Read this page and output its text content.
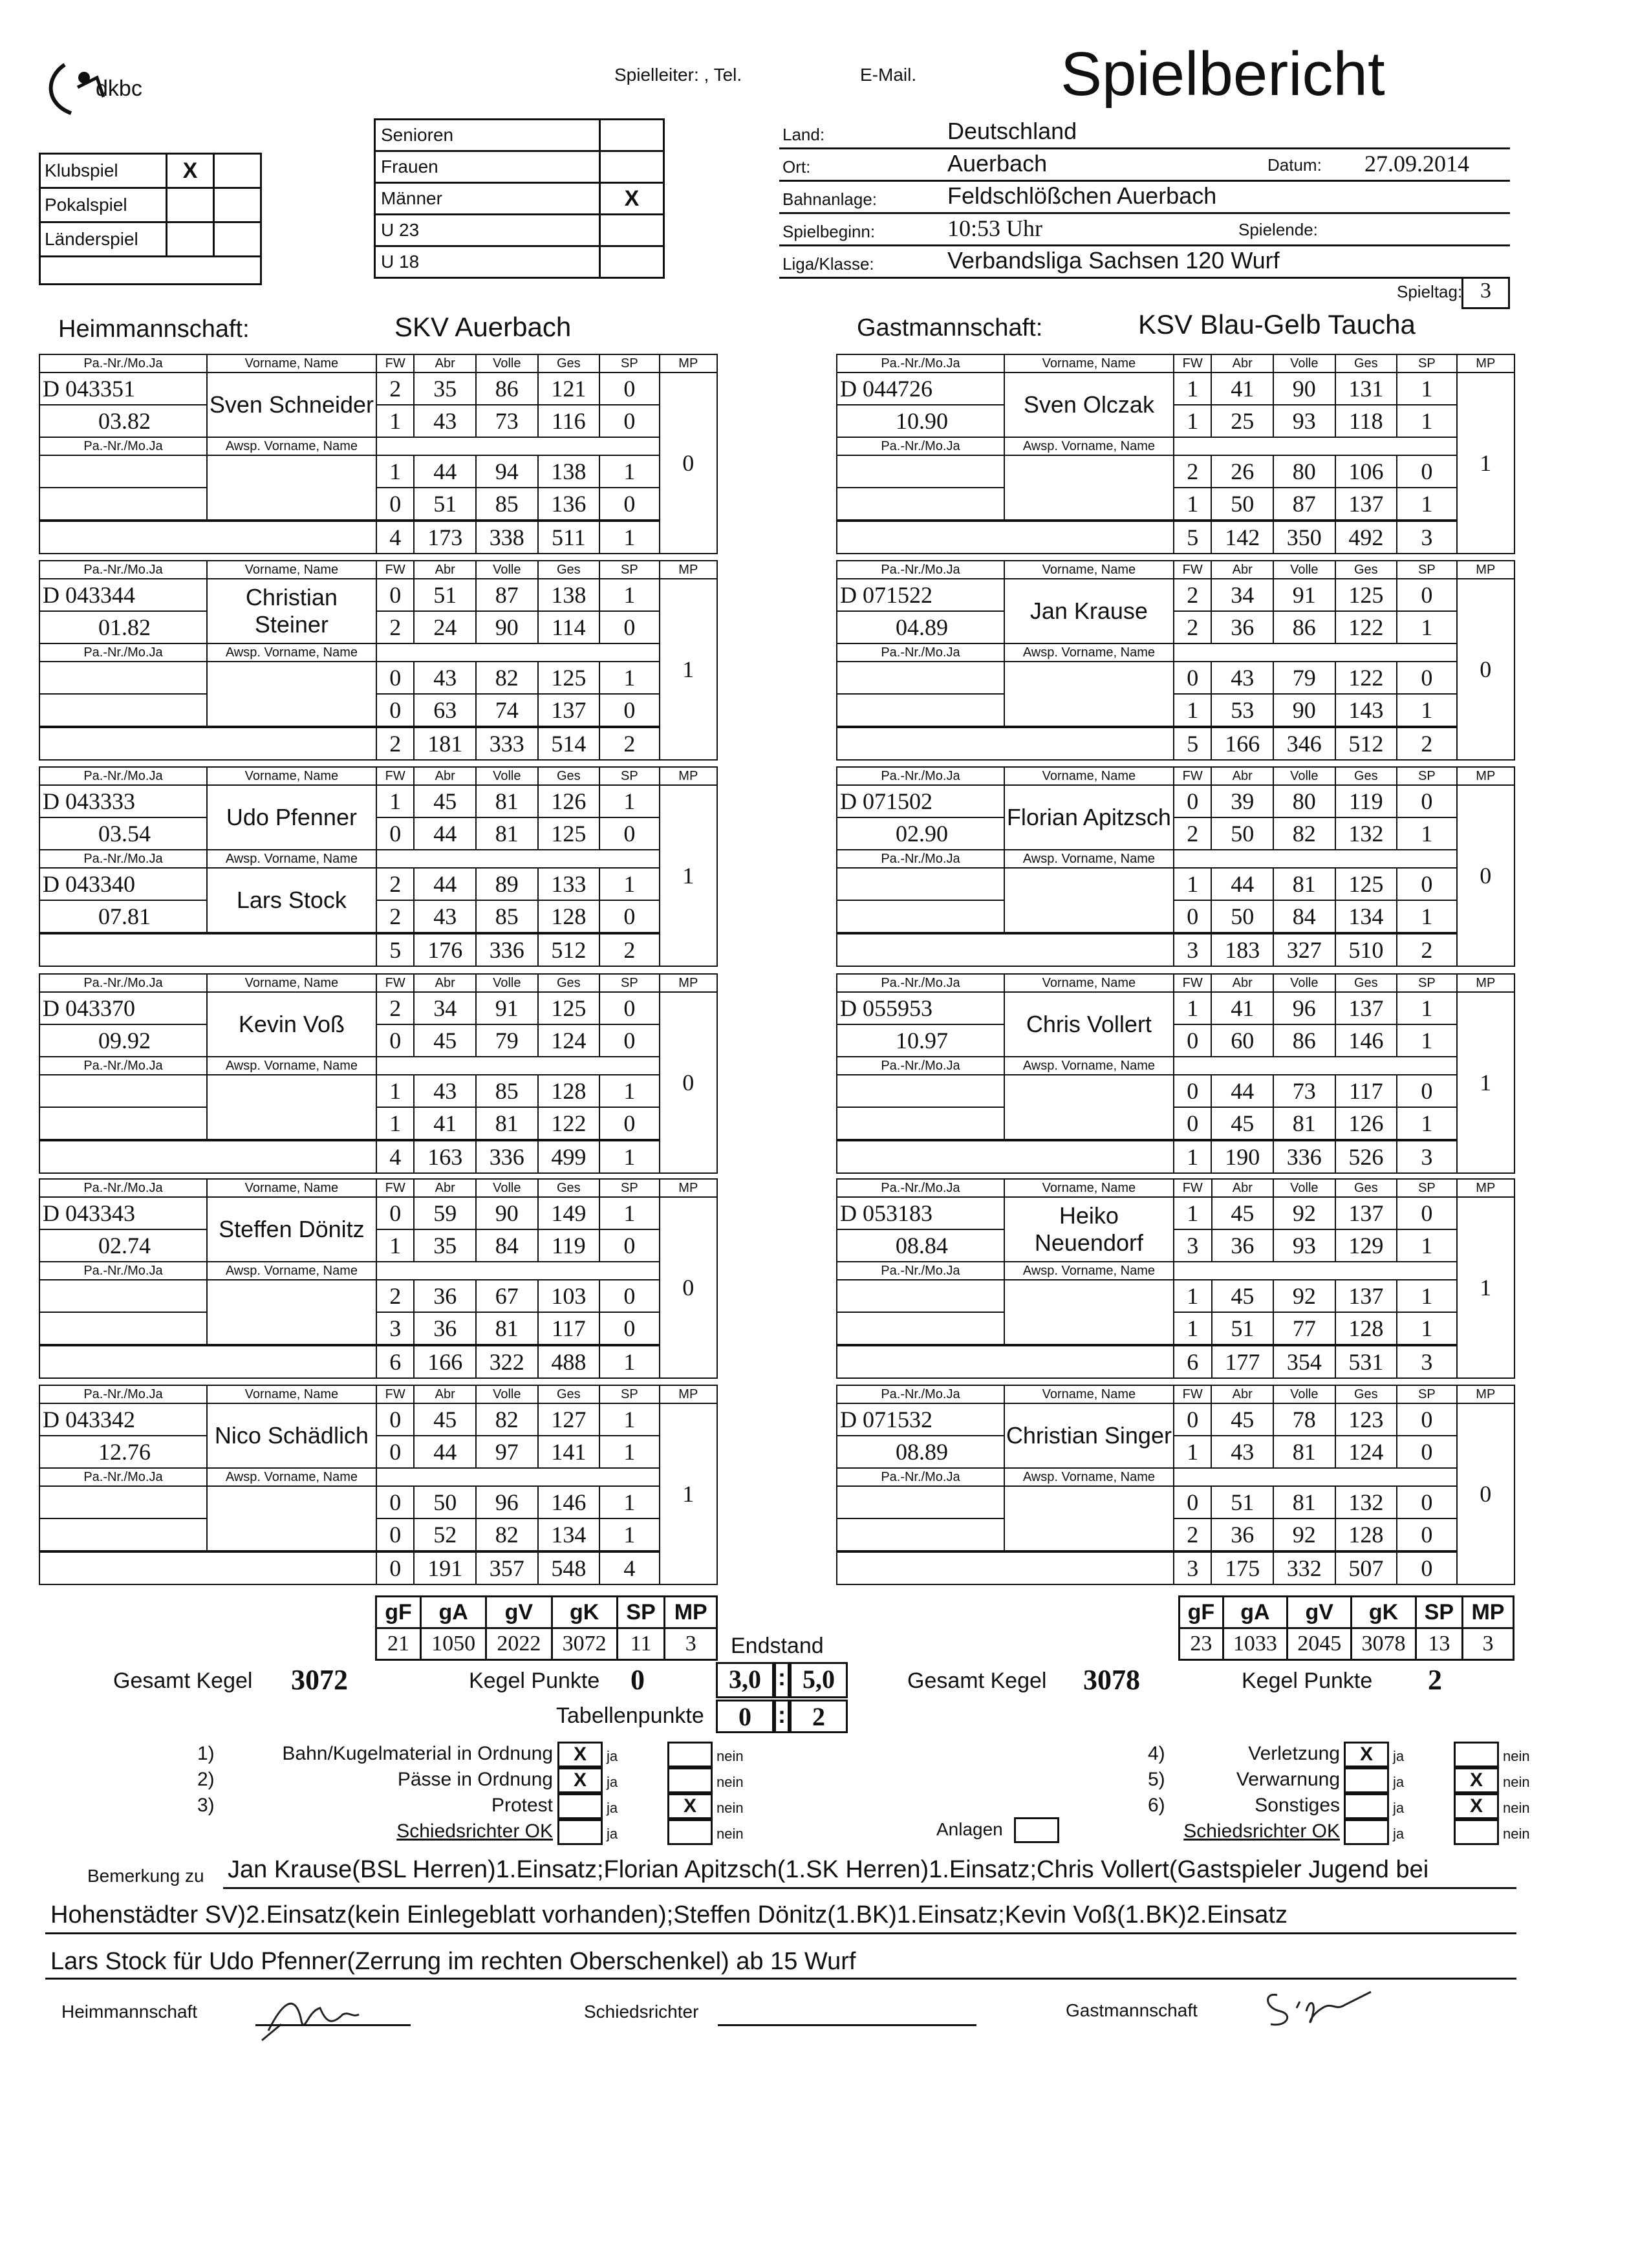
dkbc
Spielleiter: , Tel.	E-Mail. Spielbericht
Klubspiel	X	
Pokalspiel		
Länderspiel		

Senioren	
Frauen	
Männer	X
U 23	
U 18	
Land:	Deutschland
Ort:	Auerbach	Datum: 27.09.2014
Bahnanlage:	Feldschlößchen Auerbach
Spielbeginn:	10:53 Uhr	Spielende:
Liga/Klasse:	Verbandsliga Sachsen 120 Wurf
Spieltag: 3
Heimmannschaft:	SKV Auerbach	Gastmannschaft:	KSV Blau-Gelb Taucha
Pa.-Nr./Mo.Ja	Vorname, Name	FW	Abr	Volle	Ges	SP	MP
D 043351	Sven Schneider	2	35	86	121	0	0
03.82		1	43	73	116	0	
Pa.-Nr./Mo.Ja	Awsp. Vorname, Name						
		1	44	94	138	1	
		0	51	85	136	0	
		4	173	338	511	1	
Pa.-Nr./Mo.Ja	Vorname, Name	FW	Abr	Volle	Ges	SP	MP
D 043344	Christian Steiner	0	51	87	138	1	1
01.82		2	24	90	114	0	
Pa.-Nr./Mo.Ja	Awsp. Vorname, Name						
		0	43	82	125	1	
		0	63	74	137	0	
		2	181	333	514	2	
Pa.-Nr./Mo.Ja	Vorname, Name	FW	Abr	Volle	Ges	SP	MP
D 043333	Udo Pfenner	1	45	81	126	1	1
03.54		0	44	81	125	0	
Pa.-Nr./Mo.Ja	Awsp. Vorname, Name						
D 043340	Lars Stock	2	44	89	133	1	
07.81		2	43	85	128	0	
		5	176	336	512	2	
Pa.-Nr./Mo.Ja	Vorname, Name	FW	Abr	Volle	Ges	SP	MP
D 043370	Kevin Voß	2	34	91	125	0	0
09.92		0	45	79	124	0	
Pa.-Nr./Mo.Ja	Awsp. Vorname, Name						
		1	43	85	128	1	
		1	41	81	122	0	
		4	163	336	499	1	
Pa.-Nr./Mo.Ja	Vorname, Name	FW	Abr	Volle	Ges	SP	MP
D 043343	Steffen Dönitz	0	59	90	149	1	0
02.74		1	35	84	119	0	
Pa.-Nr./Mo.Ja	Awsp. Vorname, Name						
		2	36	67	103	0	
		3	36	81	117	0	
		6	166	322	488	1	
Pa.-Nr./Mo.Ja	Vorname, Name	FW	Abr	Volle	Ges	SP	MP
D 043342	Nico Schädlich	0	45	82	127	1	1
12.76		0	44	97	141	1	
Pa.-Nr./Mo.Ja	Awsp. Vorname, Name						
		0	50	96	146	1	
		0	52	82	134	1	
		0	191	357	548	4	
Pa.-Nr./Mo.Ja	Vorname, Name	FW	Abr	Volle	Ges	SP	MP
D 044726	Sven Olczak	1	41	90	131	1	1
10.90		1	25	93	118	1	
Pa.-Nr./Mo.Ja	Awsp. Vorname, Name						
		2	26	80	106	0	
		1	50	87	137	1	
		5	142	350	492	3	
Pa.-Nr./Mo.Ja	Vorname, Name	FW	Abr	Volle	Ges	SP	MP
D 071522	Jan Krause	2	34	91	125	0	0
04.89		2	36	86	122	1	
Pa.-Nr./Mo.Ja	Awsp. Vorname, Name						
		0	43	79	122	0	
		1	53	90	143	1	
		5	166	346	512	2	
Pa.-Nr./Mo.Ja	Vorname, Name	FW	Abr	Volle	Ges	SP	MP
D 071502	Florian Apitzsch	0	39	80	119	0	0
02.90		2	50	82	132	1	
Pa.-Nr./Mo.Ja	Awsp. Vorname, Name						
		1	44	81	125	0	
		0	50	84	134	1	
		3	183	327	510	2	
Pa.-Nr./Mo.Ja	Vorname, Name	FW	Abr	Volle	Ges	SP	MP
D 055953	Chris Vollert	1	41	96	137	1	1
10.97		0	60	86	146	1	
Pa.-Nr./Mo.Ja	Awsp. Vorname, Name						
		0	44	73	117	0	
		0	45	81	126	1	
		1	190	336	526	3	
Pa.-Nr./Mo.Ja	Vorname, Name	FW	Abr	Volle	Ges	SP	MP
D 053183	Heiko Neuendorf	1	45	92	137	0	1
08.84		3	36	93	129	1	
Pa.-Nr./Mo.Ja	Awsp. Vorname, Name						
		1	45	92	137	1	
		1	51	77	128	1	
		6	177	354	531	3	
Pa.-Nr./Mo.Ja	Vorname, Name	FW	Abr	Volle	Ges	SP	MP
D 071532	Christian Singer	0	45	78	123	0	0
08.89		1	43	81	124	0	
Pa.-Nr./Mo.Ja	Awsp. Vorname, Name						
		0	51	81	132	0	
		2	36	92	128	0	
		3	175	332	507	0	
gF	gA	gV	gK	SP	MP
21	1050	2022	3072	11	3
gF	gA	gV	gK	SP	MP
23	1033	2045	3078	13	3
Endstand
Gesamt Kegel 3072	Kegel Punkte 0	3,0 : 5,0
Tabellenpunkte	0	:	2
Gesamt Kegel 3078	Kegel Punkte 2
1)	Bahn/Kugelmaterial in Ordnung	X	ja	nein
2)	Pässe in Ordnung	X	ja	nein
3)	Protest	ja	X	nein
Schiedsrichter OK	ja	nein
4)	Verletzung	X	ja	nein
5)	Verwarnung	ja	X	nein
6)	Sonstiges	ja	X	nein
Schiedsrichter OK	ja	nein
Anlagen
Bemerkung zu Jan Krause(BSL Herren)1.Einsatz;Florian Apitzsch(1.SK Herren)1.Einsatz;Chris Vollert(Gastspieler Jugend bei
Hohenstädter SV)2.Einsatz(kein Einlegeblatt vorhanden);Steffen Dönitz(1.BK)1.Einsatz;Kevin Voß(1.BK)2.Einsatz
Lars Stock für Udo Pfenner(Zerrung im rechten Oberschenkel) ab 15 Wurf
Heimmannschaft	Schiedsrichter	Gastmannschaft
